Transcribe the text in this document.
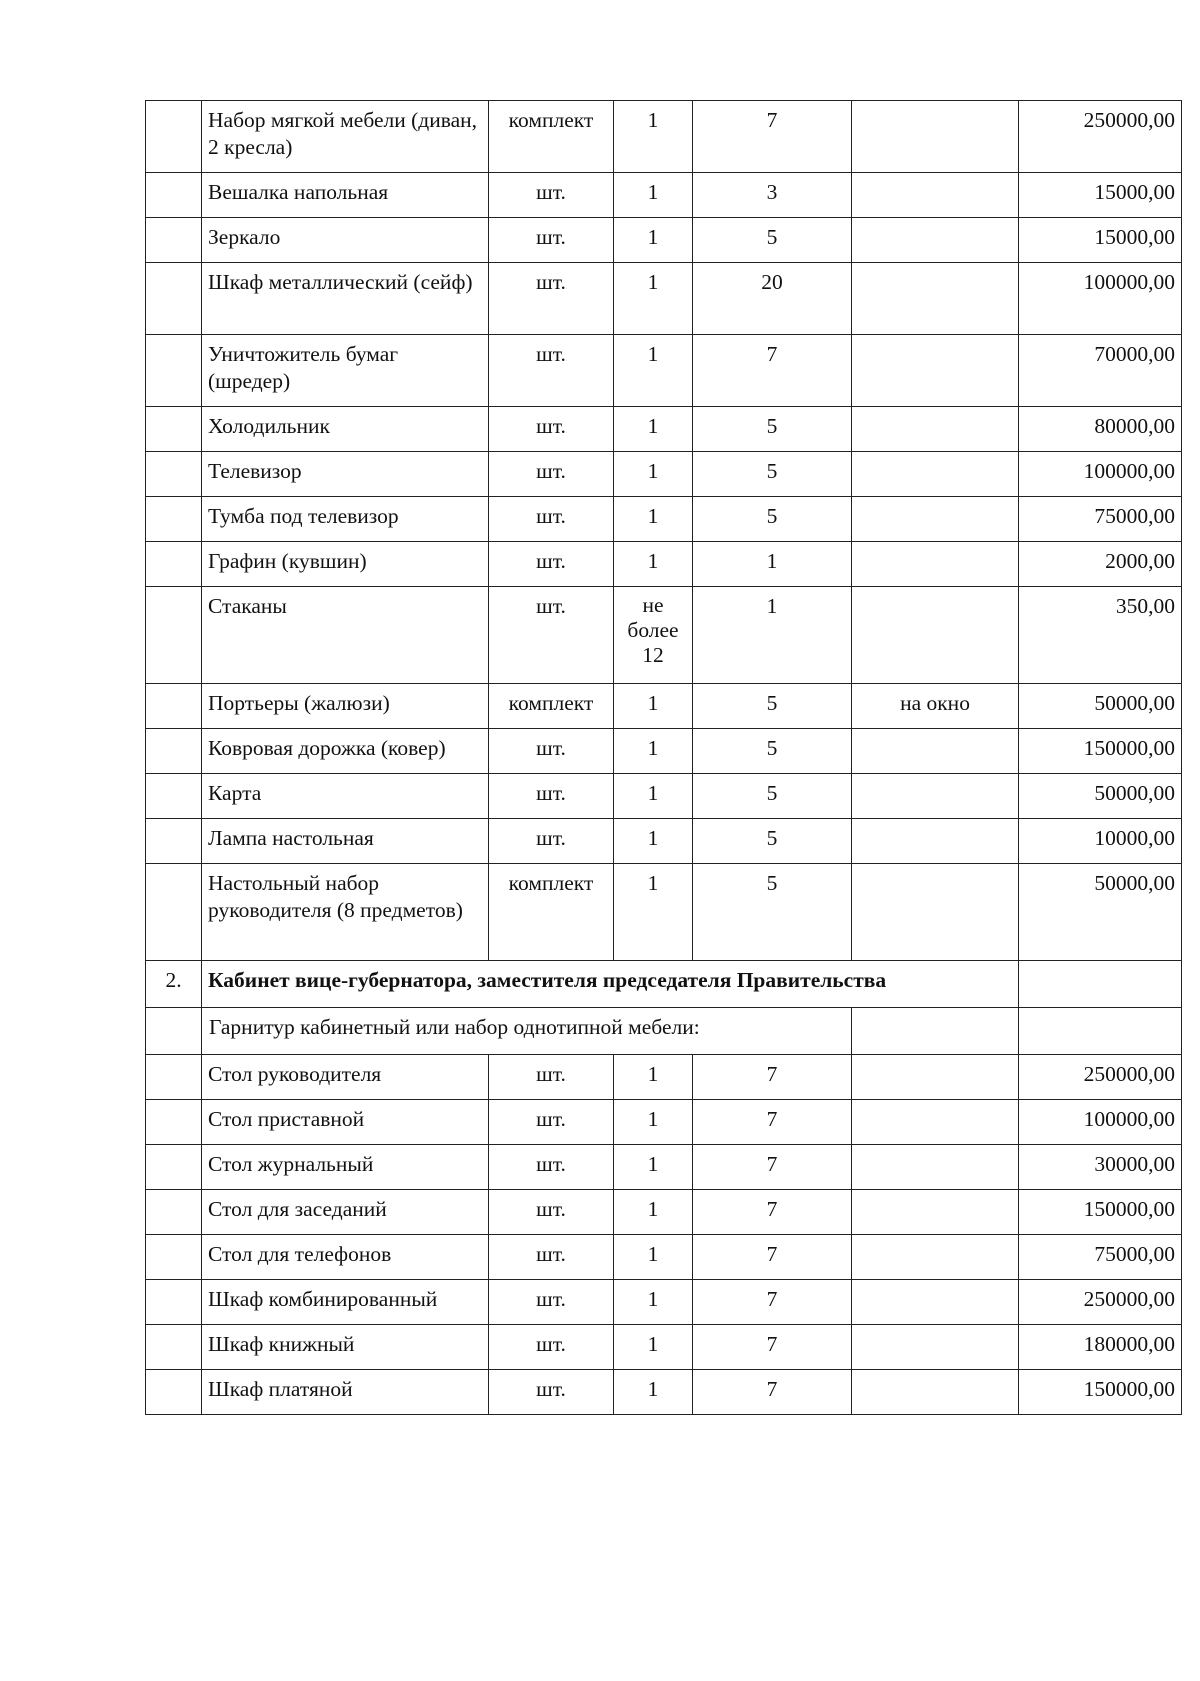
	Набор мягкой мебели (диван, 2 кресла)	комплект	1	7		250000,00
	Вешалка напольная	шт.	1	3		15000,00
	Зеркало	шт.	1	5		15000,00
	Шкаф металлический (сейф)	шт.	1	20		100000,00
	Уничтожитель бумаг (шредер)	шт.	1	7		70000,00
	Холодильник	шт.	1	5		80000,00
	Телевизор	шт.	1	5		100000,00
	Тумба под телевизор	шт.	1	5		75000,00
	Графин (кувшин)	шт.	1	1		2000,00
	Стаканы	шт.	не более 12	1		350,00
	Портьеры (жалюзи)	комплект	1	5	на окно	50000,00
	Ковровая дорожка (ковер)	шт.	1	5		150000,00
	Карта	шт.	1	5		50000,00
	Лампа настольная	шт.	1	5		10000,00
	Настольный набор руководителя (8 предметов)	комплект	1	5		50000,00
2.	Кабинет вице-губернатора, заместителя председателя Правительства					
	Гарнитур кабинетный или набор однотипной мебели:					
	Стол руководителя	шт.	1	7		250000,00
	Стол приставной	шт.	1	7		100000,00
	Стол журнальный	шт.	1	7		30000,00
	Стол для заседаний	шт.	1	7		150000,00
	Стол для телефонов	шт.	1	7		75000,00
	Шкаф комбинированный	шт.	1	7		250000,00
	Шкаф книжный	шт.	1	7		180000,00
	Шкаф платяной	шт.	1	7		150000,00
